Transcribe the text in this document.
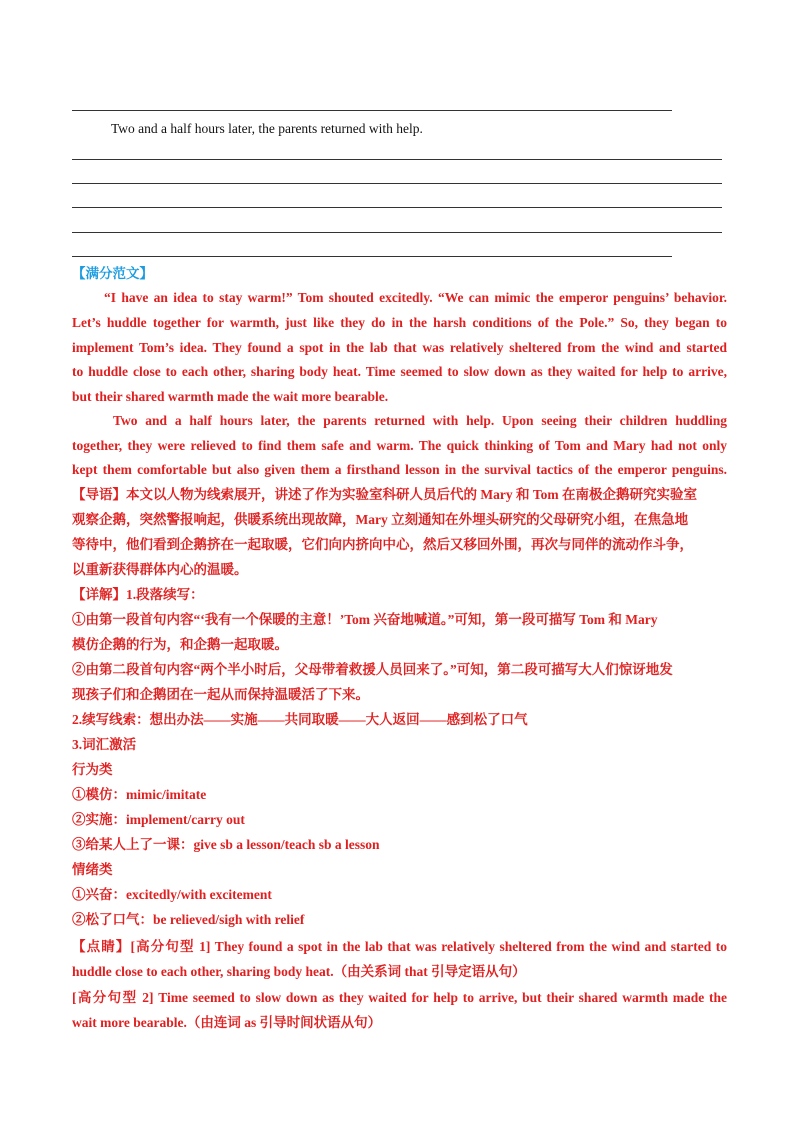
Two and a half hours later, the parents returned with help.
【满分范文】
“I have an idea to stay warm!” Tom shouted excitedly. “We can mimic the emperor penguins’ behavior.
Let’s huddle together for warmth, just like they do in the harsh conditions of the Pole.” So, they began to
implement Tom’s idea. They found a spot in the lab that was relatively sheltered from the wind and started
to huddle close to each other, sharing body heat. Time seemed to slow down as they waited for help to arrive,
but their shared warmth made the wait more bearable.
Two and a half hours later, the parents returned with help. Upon seeing their children huddling
together, they were relieved to find them safe and warm. The quick thinking of Tom and Mary had not only
kept them comfortable but also given them a firsthand lesson in the survival tactics of the emperor penguins.
【导语】本文以人物为线索展开，讲述了作为实验室科研人员后代的 Mary 和 Tom 在南极企鹅研究实验室
观察企鹅，突然警报响起，供暖系统出现故障，Mary 立刻通知在外埋头研究的父母研究小组，在焦急地
等待中，他们看到企鹅挤在一起取暖，它们向内挤向中心，然后又移回外围，再次与同伴的流动作斗争，
以重新获得群体内心的温暖。
【详解】1.段落续写：
①由第一段首句内容“‘我有一个保暖的主意！’Tom 兴奋地喊道。”可知，第一段可描写 Tom 和 Mary
模仿企鹅的行为，和企鹅一起取暖。
②由第二段首句内容“两个半小时后，父母带着救援人员回来了。”可知，第二段可描写大人们惊讶地发
现孩子们和企鹅团在一起从而保持温暖活了下来。
2.续写线索：想出办法——实施——共同取暖——大人返回——感到松了口气
3.词汇激活
行为类
①模仿：mimic/imitate
②实施：implement/carry out
③给某人上了一课：give sb a lesson/teach sb a lesson
情绪类
①兴奋：excitedly/with excitement
②松了口气：be relieved/sigh with relief
【点睛】[高分句型 1] They found a spot in the lab that was relatively sheltered from the wind and started to
huddle close to each other, sharing body heat.（由关系词 that 引导定语从句）
[高分句型 2] Time seemed to slow down as they waited for help to arrive, but their shared warmth made the
wait more bearable.（由连词 as 引导时间状语从句）
